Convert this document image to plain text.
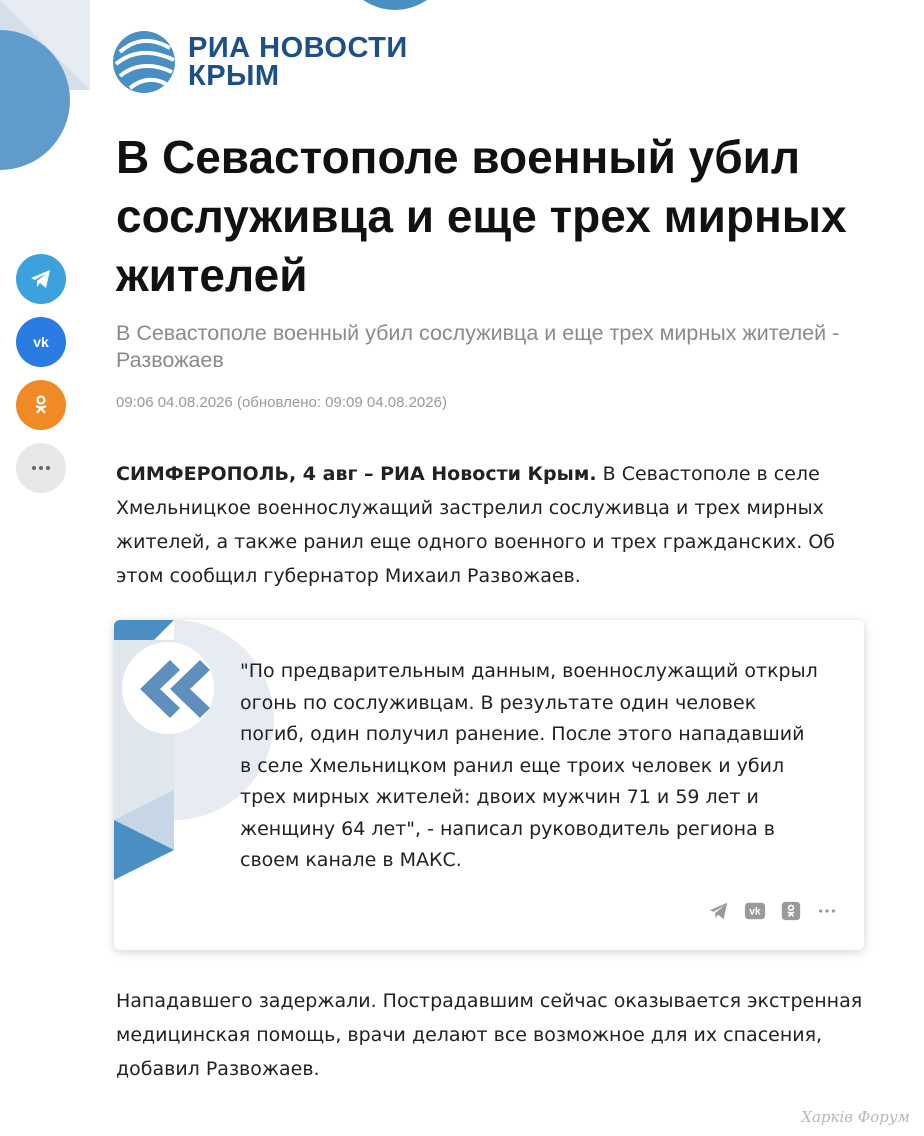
РИА НОВОСТИ
КРЫМ
vk
В Севастополе военный убил сослуживца и еще трех мирных жителей
В Севастополе военный убил сослуживца и еще трех мирных жителей - Развожаев
09:06 04.08.2026 (обновлено: 09:09 04.08.2026)

СИМФЕРОПОЛЬ, 4 авг – РИА Новости Крым. В Севастополе в селе Хмельницкое военнослужащий застрелил сослуживца и трех мирных жителей, а также ранил еще одного военного и трех гражданских. Об этом сообщил губернатор Михаил Развожаев.

"По предварительным данным, военнослужащий открыл огонь по сослуживцам. В результате один человек погиб, один получил ранение. После этого нападавший в селе Хмельницком ранил еще троих человек и убил трех мирных жителей: двоих мужчин 71 и 59 лет и женщину 64 лет", - написал руководитель региона в своем канале в МАКС.
vk

Нападавшего задержали. Пострадавшим сейчас оказывается экстренная медицинская помощь, врачи делают все возможное для их спасения, добавил Развожаев.

Харків Форум
